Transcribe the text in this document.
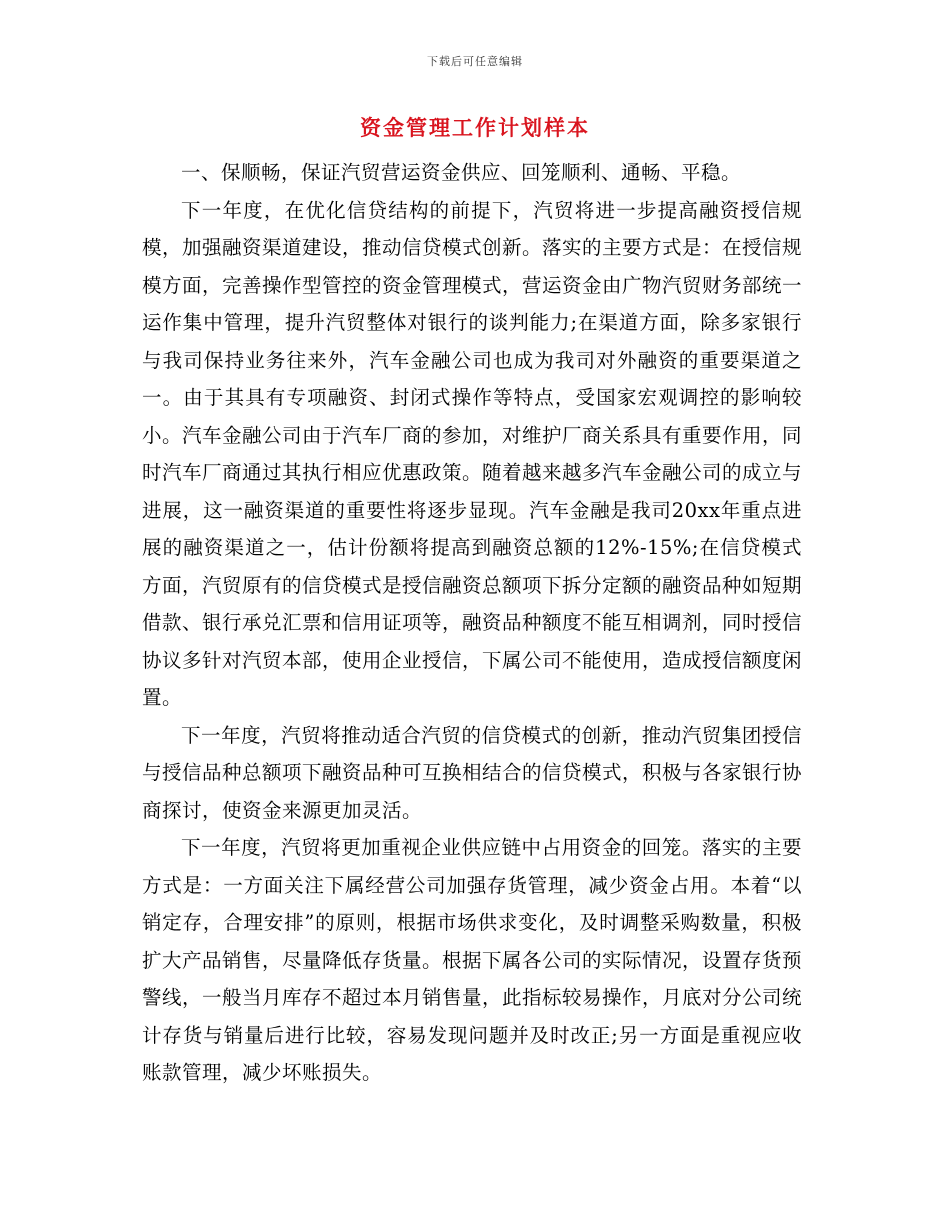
下载后可任意编辑
资金管理工作计划样本

一、保顺畅，保证汽贸营运资金供应、回笼顺利、通畅、平稳。

下一年度，在优化信贷结构的前提下，汽贸将进一步提高融资授信规模，加强融资渠道建设，推动信贷模式创新。落实的主要方式是：在授信规模方面，完善操作型管控的资金管理模式，营运资金由广物汽贸财务部统一运作集中管理，提升汽贸整体对银行的谈判能力;在渠道方面，除多家银行与我司保持业务往来外，汽车金融公司也成为我司对外融资的重要渠道之一。由于其具有专项融资、封闭式操作等特点，受国家宏观调控的影响较小。汽车金融公司由于汽车厂商的参加，对维护厂商关系具有重要作用，同时汽车厂商通过其执行相应优惠政策。随着越来越多汽车金融公司的成立与进展，这一融资渠道的重要性将逐步显现。汽车金融是我司20xx年重点进展的融资渠道之一，估计份额将提高到融资总额的12%-15%;在信贷模式方面，汽贸原有的信贷模式是授信融资总额项下拆分定额的融资品种如短期借款、银行承兑汇票和信用证项等，融资品种额度不能互相调剂，同时授信协议多针对汽贸本部，使用企业授信，下属公司不能使用，造成授信额度闲置。

下一年度，汽贸将推动适合汽贸的信贷模式的创新，推动汽贸集团授信与授信品种总额项下融资品种可互换相结合的信贷模式，积极与各家银行协商探讨，使资金来源更加灵活。

下一年度，汽贸将更加重视企业供应链中占用资金的回笼。落实的主要方式是：一方面关注下属经营公司加强存货管理，减少资金占用。本着“以销定存，合理安排”的原则，根据市场供求变化，及时调整采购数量，积极扩大产品销售，尽量降低存货量。根据下属各公司的实际情况，设置存货预警线，一般当月库存不超过本月销售量，此指标较易操作，月底对分公司统计存货与销量后进行比较，容易发现问题并及时改正;另一方面是重视应收账款管理，减少坏账损失。
